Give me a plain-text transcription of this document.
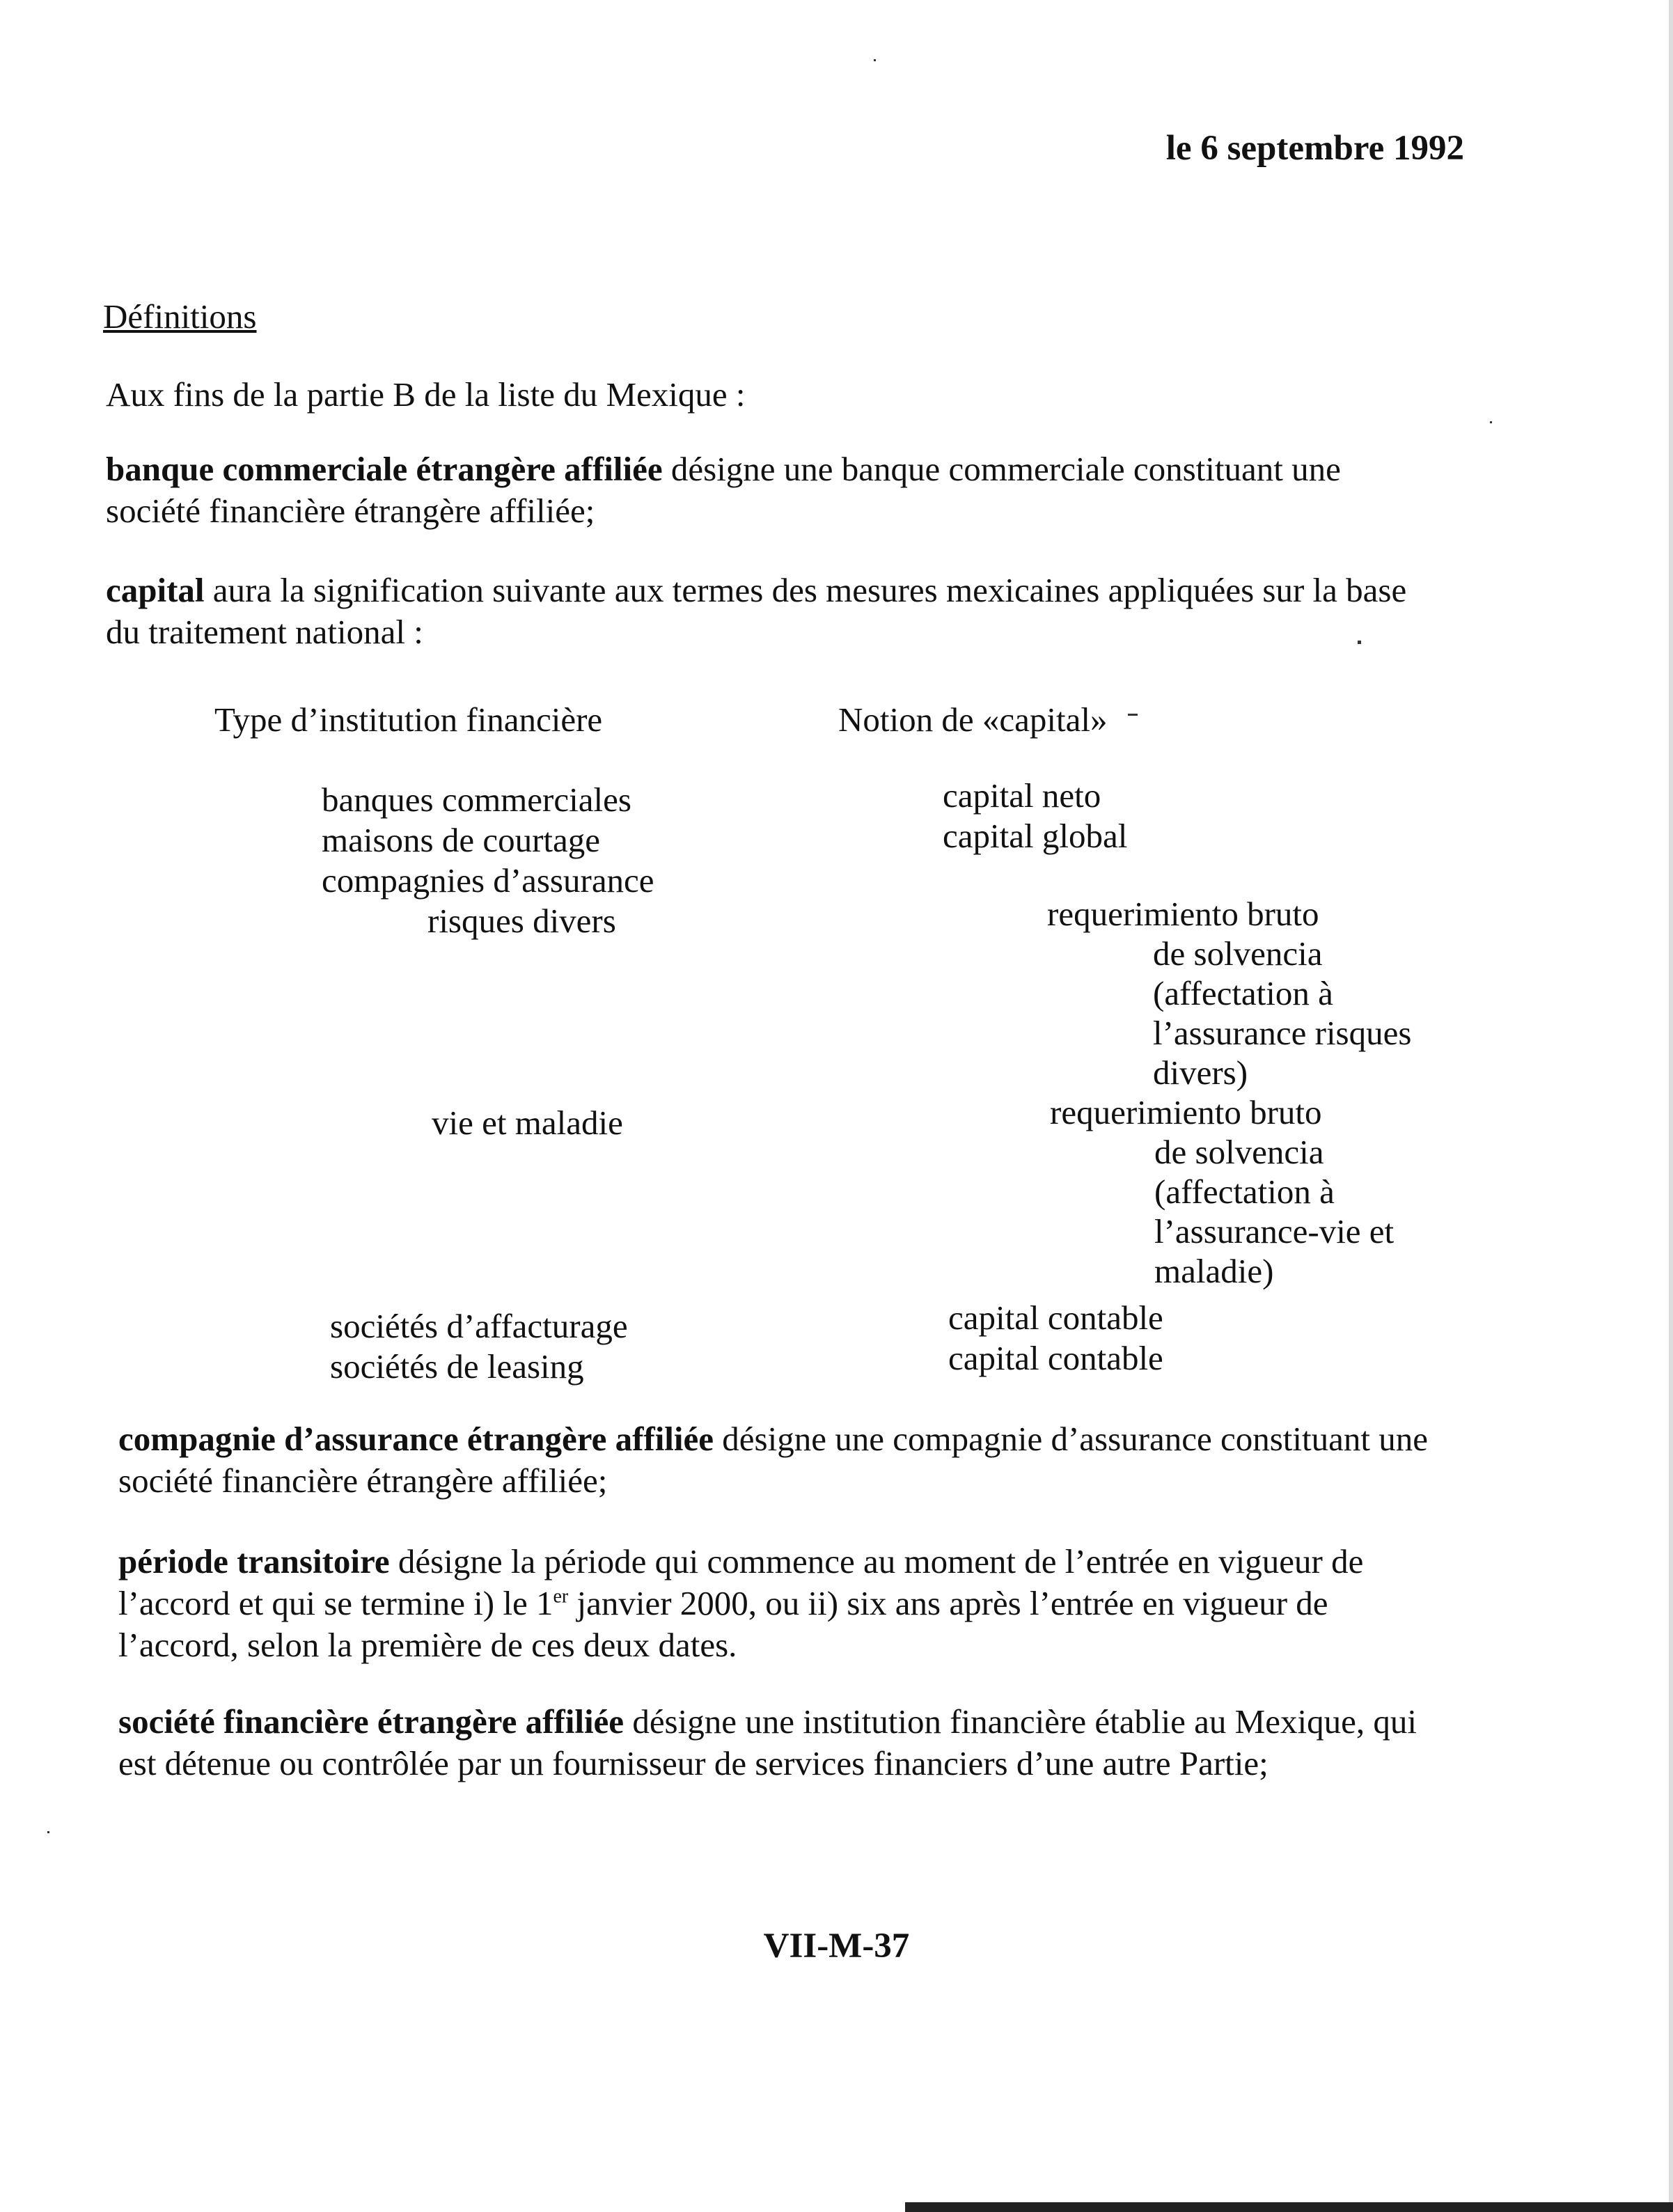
le 6 septembre 1992
Définitions
Aux fins de la partie B de la liste du Mexique :
banque commerciale étrangère affiliée désigne une banque commerciale constituant une société financière étrangère affiliée;
capital aura la signification suivante aux termes des mesures mexicaines appliquées sur la base du traitement national :
Type d’institution financière	Notion de «capital»
banques commerciales
maisons de courtage
compagnies d’assurance
risques divers
vie et maladie
sociétés d’affacturage
sociétés de leasing
capital neto
capital global
requerimiento bruto
de solvencia
(affectation à
l’assurance risques
divers)
requerimiento bruto
de solvencia
(affectation à
l’assurance-vie et
maladie)
capital contable
capital contable
compagnie d’assurance étrangère affiliée désigne une compagnie d’assurance constituant une société financière étrangère affiliée;
période transitoire désigne la période qui commence au moment de l’entrée en vigueur de l’accord et qui se termine i) le 1er janvier 2000, ou ii) six ans après l’entrée en vigueur de l’accord, selon la première de ces deux dates.
société financière étrangère affiliée désigne une institution financière établie au Mexique, qui est détenue ou contrôlée par un fournisseur de services financiers d’une autre Partie;
VII-M-37
